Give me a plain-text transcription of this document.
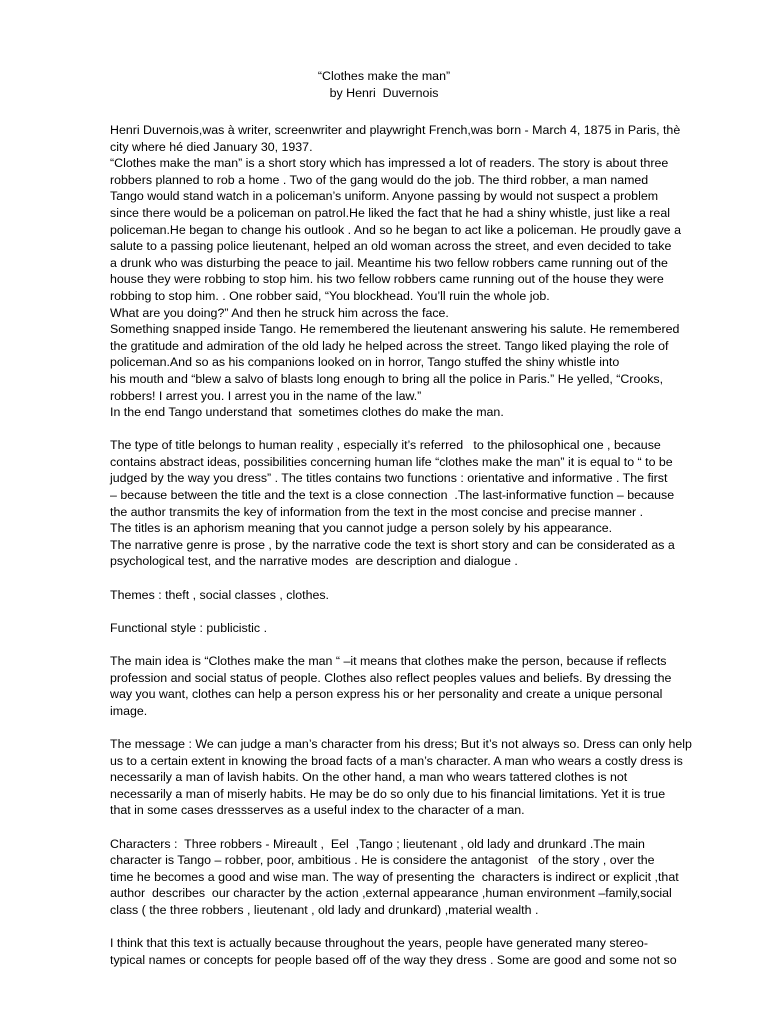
“Clothes make the man”
by Henri  Duvernois
Henri Duvernois,was à writer, screenwriter and playwright French,was born - March 4, 1875 in Paris, thè
city where hé died January 30, 1937.
“Clothes make the man” is a short story which has impressed a lot of readers. The story is about three
robbers planned to rob a home . Two of the gang would do the job. The third robber, a man named
Tango would stand watch in a policeman’s uniform. Anyone passing by would not suspect a problem
since there would be a policeman on patrol.He liked the fact that he had a shiny whistle, just like a real
policeman.He began to change his outlook . And so he began to act like a policeman. He proudly gave a
salute to a passing police lieutenant, helped an old woman across the street, and even decided to take
a drunk who was disturbing the peace to jail. Meantime his two fellow robbers came running out of the
house they were robbing to stop him. his two fellow robbers came running out of the house they were
robbing to stop him. . One robber said, “You blockhead. You’ll ruin the whole job.
What are you doing?” And then he struck him across the face.
Something snapped inside Tango. He remembered the lieutenant answering his salute. He remembered
the gratitude and admiration of the old lady he helped across the street. Tango liked playing the role of
policeman.And so as his companions looked on in horror, Tango stuffed the shiny whistle into
his mouth and “blew a salvo of blasts long enough to bring all the police in Paris.” He yelled, “Crooks,
robbers! I arrest you. I arrest you in the name of the law.”
In the end Tango understand that  sometimes clothes do make the man.
The type of title belongs to human reality , especially it’s referred   to the philosophical one , because
contains abstract ideas, possibilities concerning human life “clothes make the man” it is equal to “ to be
judged by the way you dress” . The titles contains two functions : orientative and informative . The first
– because between the title and the text is a close connection  .The last-informative function – because
the author transmits the key of information from the text in the most concise and precise manner .
The titles is an aphorism meaning that you cannot judge a person solely by his appearance.
The narrative genre is prose , by the narrative code the text is short story and can be considerated as a
psychological test, and the narrative modes  are description and dialogue .
Themes : theft , social classes , clothes.
Functional style : publicistic .
The main idea is “Clothes make the man “ –it means that clothes make the person, because if reflects
profession and social status of people. Clothes also reflect peoples values and beliefs. By dressing the
way you want, clothes can help a person express his or her personality and create a unique personal
image.
The message : We can judge a man’s character from his dress; But it’s not always so. Dress can only help
us to a certain extent in knowing the broad facts of a man’s character. A man who wears a costly dress is
necessarily a man of lavish habits. On the other hand, a man who wears tattered clothes is not
necessarily a man of miserly habits. He may be do so only due to his financial limitations. Yet it is true
that in some cases dressserves as a useful index to the character of a man.
Characters :  Three robbers - Mireault ,  Eel  ,Tango ; lieutenant , old lady and drunkard .The main
character is Tango – robber, poor, ambitious . He is considere the antagonist   of the story , over the
time he becomes a good and wise man. The way of presenting the  characters is indirect or explicit ,that
author  describes  our character by the action ,external appearance ,human environment –family,social
class ( the three robbers , lieutenant , old lady and drunkard) ,material wealth .
I think that this text is actually because throughout the years, people have generated many stereo-
typical names or concepts for people based off of the way they dress . Some are good and some not so
